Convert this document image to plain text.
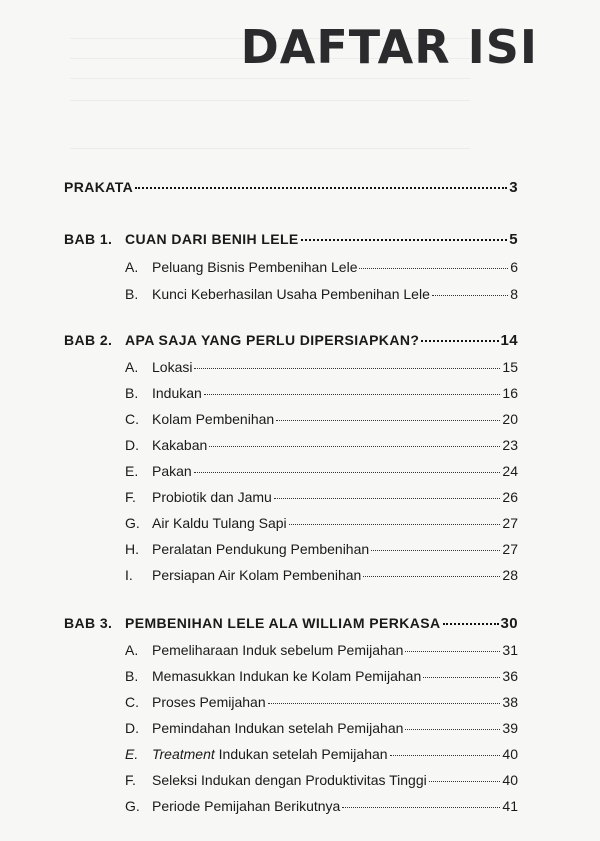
DAFTAR ISI
PRAKATA	3
BAB 1. CUAN DARI BENIH LELE	5
A. Peluang Bisnis Pembenihan Lele	6
B. Kunci Keberhasilan Usaha Pembenihan Lele	8
BAB 2. APA SAJA YANG PERLU DIPERSIAPKAN?	14
A. Lokasi	15
B. Indukan	16
C. Kolam Pembenihan	20
D. Kakaban	23
E. Pakan	24
F.	Probiotik dan Jamu	26
G. Air Kaldu Tulang Sapi	27
H. Peralatan Pendukung Pembenihan	27
I.	Persiapan Air Kolam Pembenihan	28
BAB 3. PEMBENIHAN LELE ALA WILLIAM PERKASA	30
A. Pemeliharaan Induk sebelum Pemijahan	31
B. Memasukkan Indukan ke Kolam Pemijahan	36
C. Proses Pemijahan	38
D. Pemindahan Indukan setelah Pemijahan	39
E. Treatment Indukan setelah Pemijahan	40
F.	Seleksi Indukan dengan Produktivitas Tinggi	40
G. Periode Pemijahan Berikutnya	41
